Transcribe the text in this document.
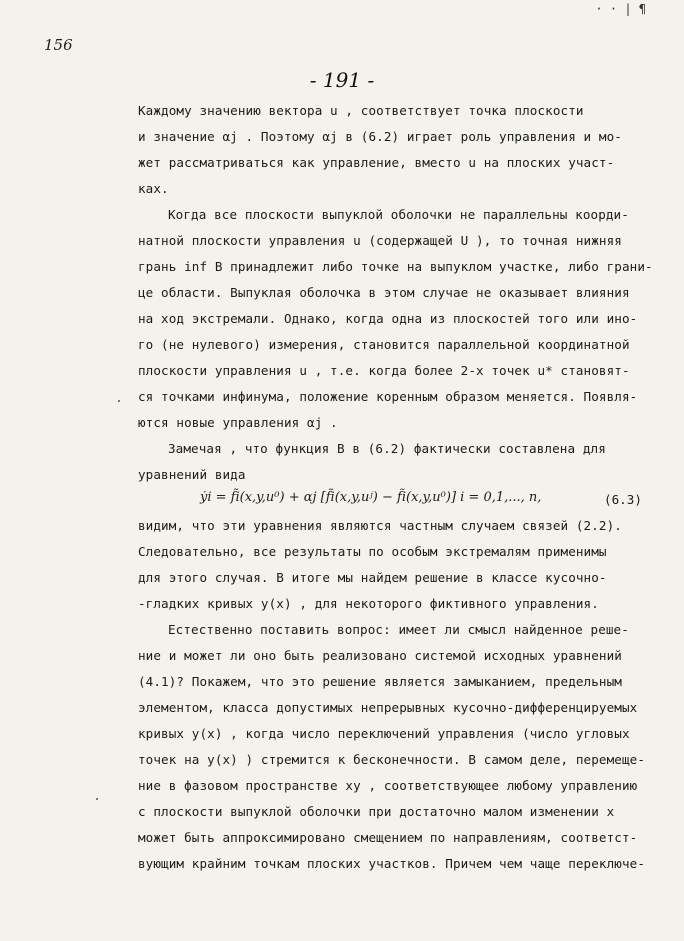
156
· · | ¶
- 191 -
Каждому значению вектора u , соответствует точка плоскости
и значение αj . Поэтому αj в (6.2) играет роль управления и мо-
жет рассматриваться как управление, вместо u на плоских участ-
ках.
Когда все плоскости выпуклой оболочки не параллельны коорди-
натной плоскости управления u (содержащей U ), то точная нижняя
грань inf B принадлежит либо точке на выпуклом участке, либо грани-
це области. Выпуклая оболочка в этом случае не оказывает влияния
на ход экстремали. Однако, когда одна из плоскостей того или ино-
го (не нулевого) измерения, становится параллельной координатной
плоскости управления u , т.е. когда более 2-х точек u* становят-
ся точками инфинума, положение коренным образом меняется. Появля-
ются новые управления αj .
Замечая , что функция B в (6.2) фактически составлена для
уравнений вида
ẏi = f̃i(x,y,u⁰) + αj [f̃i(x,y,uʲ) − f̃i(x,y,u⁰)] i = 0,1,..., n,	(6.3)
видим, что эти уравнения являются частным случаем связей (2.2).
Следовательно, все результаты по особым экстремалям применимы
для этого случая. В итоге мы найдем решение в классе кусочно-
-гладких кривых y(x) , для некоторого фиктивного управления.
Естественно поставить вопрос: имеет ли смысл найденное реше-
ние и может ли оно быть реализовано системой исходных уравнений
(4.1)? Покажем, что это решение является замыканием, предельным
элементом, класса допустимых непрерывных кусочно-дифференцируемых
кривых y(x) , когда число переключений управления (число угловых
точек на y(x) ) стремится к бесконечности. В самом деле, перемеще-
ние в фазовом пространстве xy , соответствующее любому управлению
с плоскости выпуклой оболочки при достаточно малом изменении x
может быть аппроксимировано смещением по направлениям, соответст-
вующим крайним точкам плоских участков. Причем чем чаще переключе-
